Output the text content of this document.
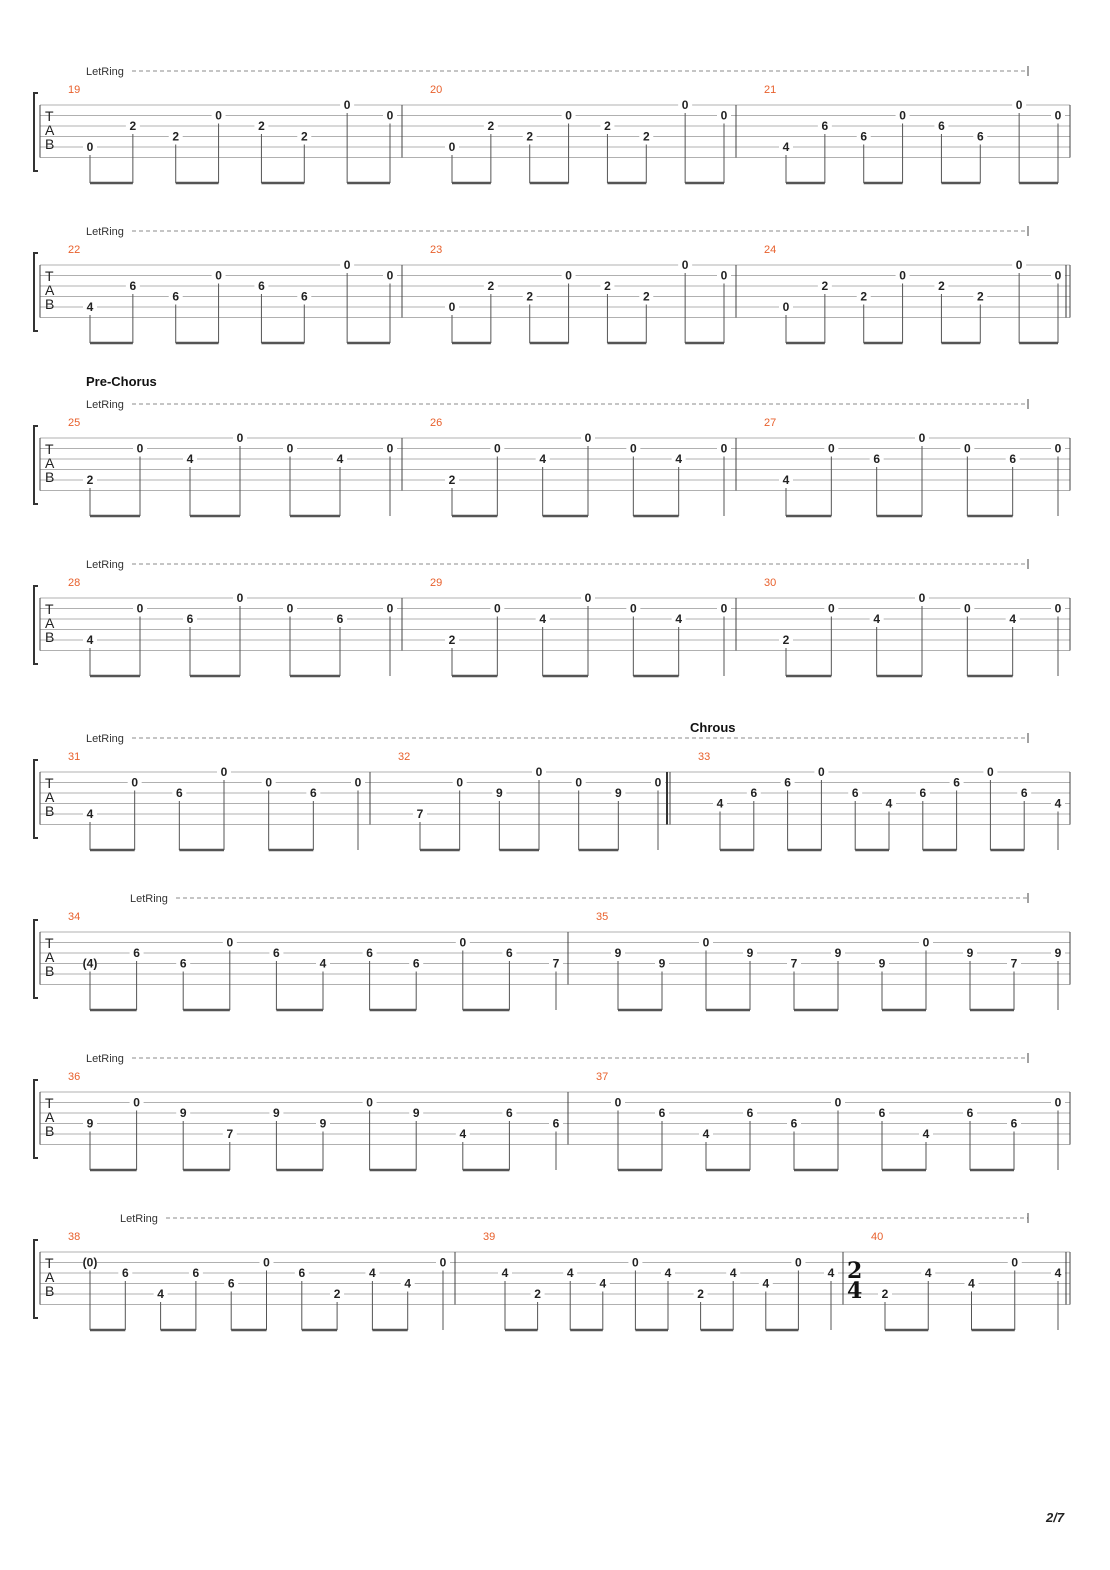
LetRing
T
A
B
19
0
2
2
0
2
2
0
0
20
0
2
2
0
2
2
0
0
21
4
6
6
0
6
6
0
0
LetRing
T
A
B
22
4
6
6
0
6
6
0
0
23
0
2
2
0
2
2
0
0
24
0
2
2
0
2
2
0
0
Pre-Chorus
LetRing
T
A
B
25
2
0
4
0
0
4
0
26
2
0
4
0
0
4
0
27
4
0
6
0
0
6
0
LetRing
T
A
B
28
4
0
6
0
0
6
0
29
2
0
4
0
0
4
0
30
2
0
4
0
0
4
0
Chrous
LetRing
T
A
B
31
4
0
6
0
0
6
0
32
7
0
9
0
0
9
0
33
4
6
6
0
6
4
6
6
0
6
4
LetRing
T
A
B
34
(4)
6
6
0
6
4
6
6
0
6
7
35
9
9
0
9
7
9
9
0
9
7
9
LetRing
T
A
B
36
9
0
9
7
9
9
0
9
4
6
6
37
0
6
4
6
6
0
6
4
6
6
0
LetRing
T
A
B
38
(0)
6
4
6
6
0
6
2
4
4
0
39
4
2
4
4
0
4
2
4
4
0
4
40
2
4 2
4
4
0
4
2/7
